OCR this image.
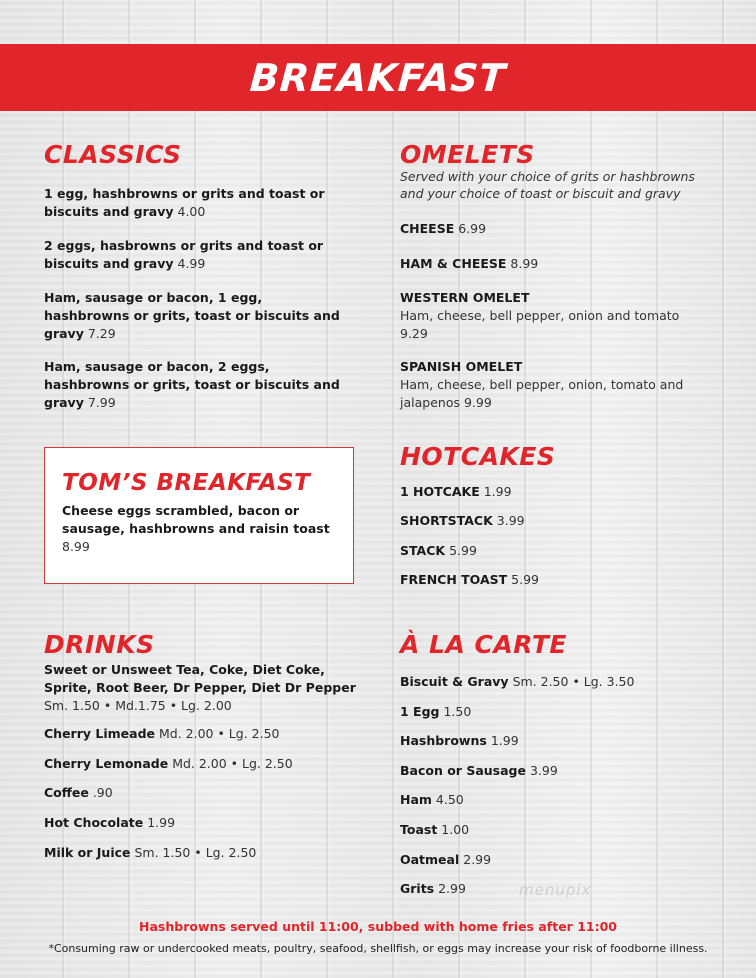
BREAKFAST
CLASSICS
1 egg, hashbrowns or grits and toast or biscuits and gravy 4.00
2 eggs, hasbrowns or grits and toast or biscuits and gravy 4.99
Ham, sausage or bacon, 1 egg, hashbrowns or grits, toast or biscuits and gravy 7.29
Ham, sausage or bacon, 2 eggs, hashbrowns or grits, toast or biscuits and gravy 7.99
TOM’S BREAKFAST
Cheese eggs scrambled, bacon or sausage, hashbrowns and raisin toast 8.99
DRINKS
Sweet or Unsweet Tea, Coke, Diet Coke, Sprite, Root Beer, Dr Pepper, Diet Dr Pepper
Sm. 1.50 • Md.1.75 • Lg. 2.00
Cherry Limeade Md. 2.00 • Lg. 2.50
Cherry Lemonade Md. 2.00 • Lg. 2.50
Coffee .90
Hot Chocolate 1.99
Milk or Juice Sm. 1.50 • Lg. 2.50
OMELETS
Served with your choice of grits or hashbrowns and your choice of toast or biscuit and gravy
CHEESE 6.99
HAM & CHEESE 8.99
WESTERN OMELET
Ham, cheese, bell pepper, onion and tomato 9.29
SPANISH OMELET
Ham, cheese, bell pepper, onion, tomato and jalapenos 9.99
HOTCAKES
1 HOTCAKE 1.99
SHORTSTACK 3.99
STACK 5.99
FRENCH TOAST 5.99
À LA CARTE
Biscuit & Gravy Sm. 2.50 • Lg. 3.50
1 Egg 1.50
Hashbrowns 1.99
Bacon or Sausage 3.99
Ham 4.50
Toast 1.00
Oatmeal 2.99
Grits 2.99	menupix
Hashbrowns served until 11:00, subbed with home fries after 11:00
*Consuming raw or undercooked meats, poultry, seafood, shellfish, or eggs may increase your risk of foodborne illness.
